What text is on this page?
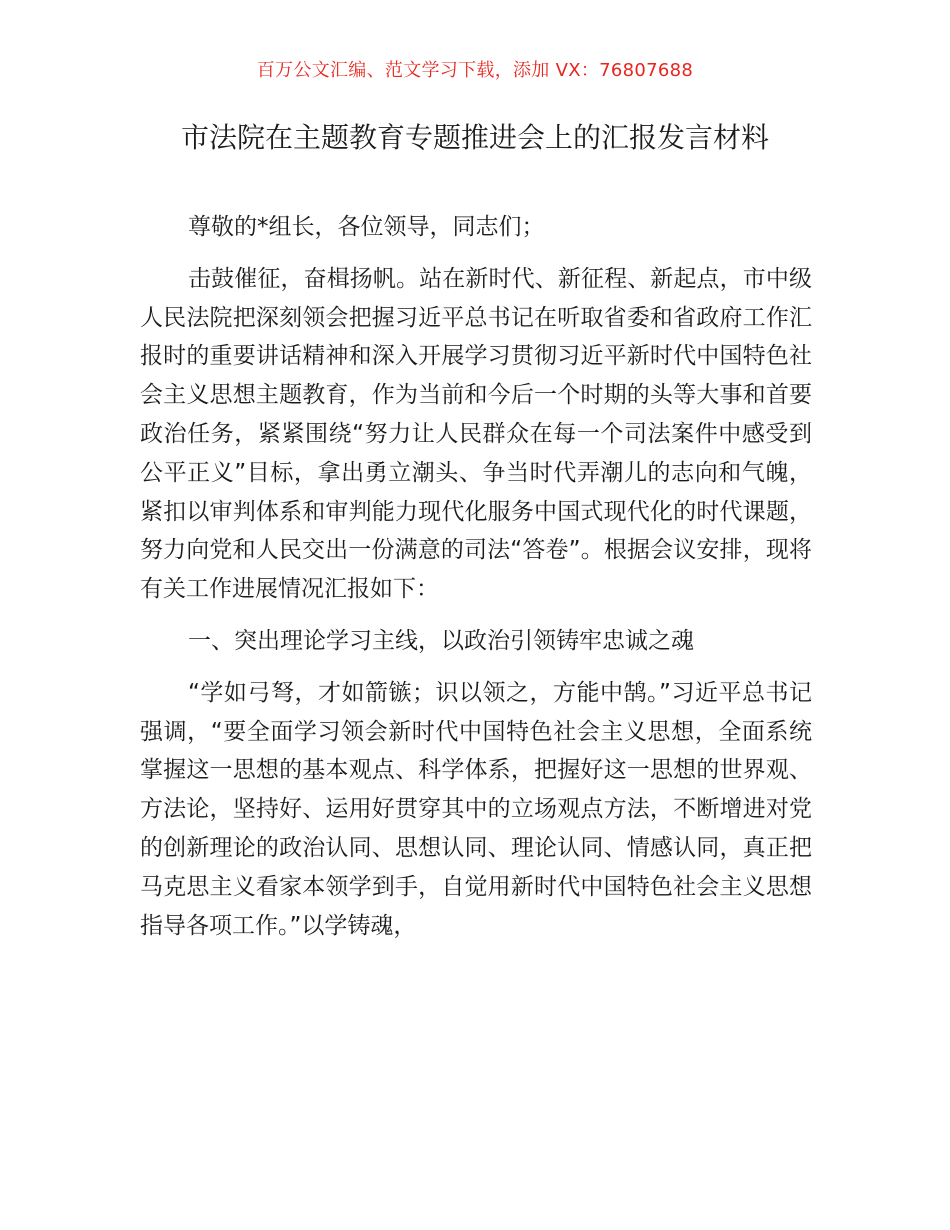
百万公文汇编、范文学习下载，添加 VX：76807688
市法院在主题教育专题推进会上的汇报发言材料

尊敬的*组长，各位领导，同志们；

击鼓催征，奋楫扬帆。站在新时代、新征程、新起点，市中级人民法院把深刻领会把握习近平总书记在听取省委和省政府工作汇报时的重要讲话精神和深入开展学习贯彻习近平新时代中国特色社会主义思想主题教育，作为当前和今后一个时期的头等大事和首要政治任务，紧紧围绕“努力让人民群众在每一个司法案件中感受到公平正义”目标，拿出勇立潮头、争当时代弄潮儿的志向和气魄，紧扣以审判体系和审判能力现代化服务中国式现代化的时代课题，努力向党和人民交出一份满意的司法“答卷”。根据会议安排，现将有关工作进展情况汇报如下：

一、突出理论学习主线，以政治引领铸牢忠诚之魂

“学如弓弩，才如箭镞；识以领之，方能中鹄。”习近平总书记强调，“要全面学习领会新时代中国特色社会主义思想，全面系统掌握这一思想的基本观点、科学体系，把握好这一思想的世界观、方法论，坚持好、运用好贯穿其中的立场观点方法，不断增进对党的创新理论的政治认同、思想认同、理论认同、情感认同，真正把马克思主义看家本领学到手，自觉用新时代中国特色社会主义思想指导各项工作。”以学铸魂，
